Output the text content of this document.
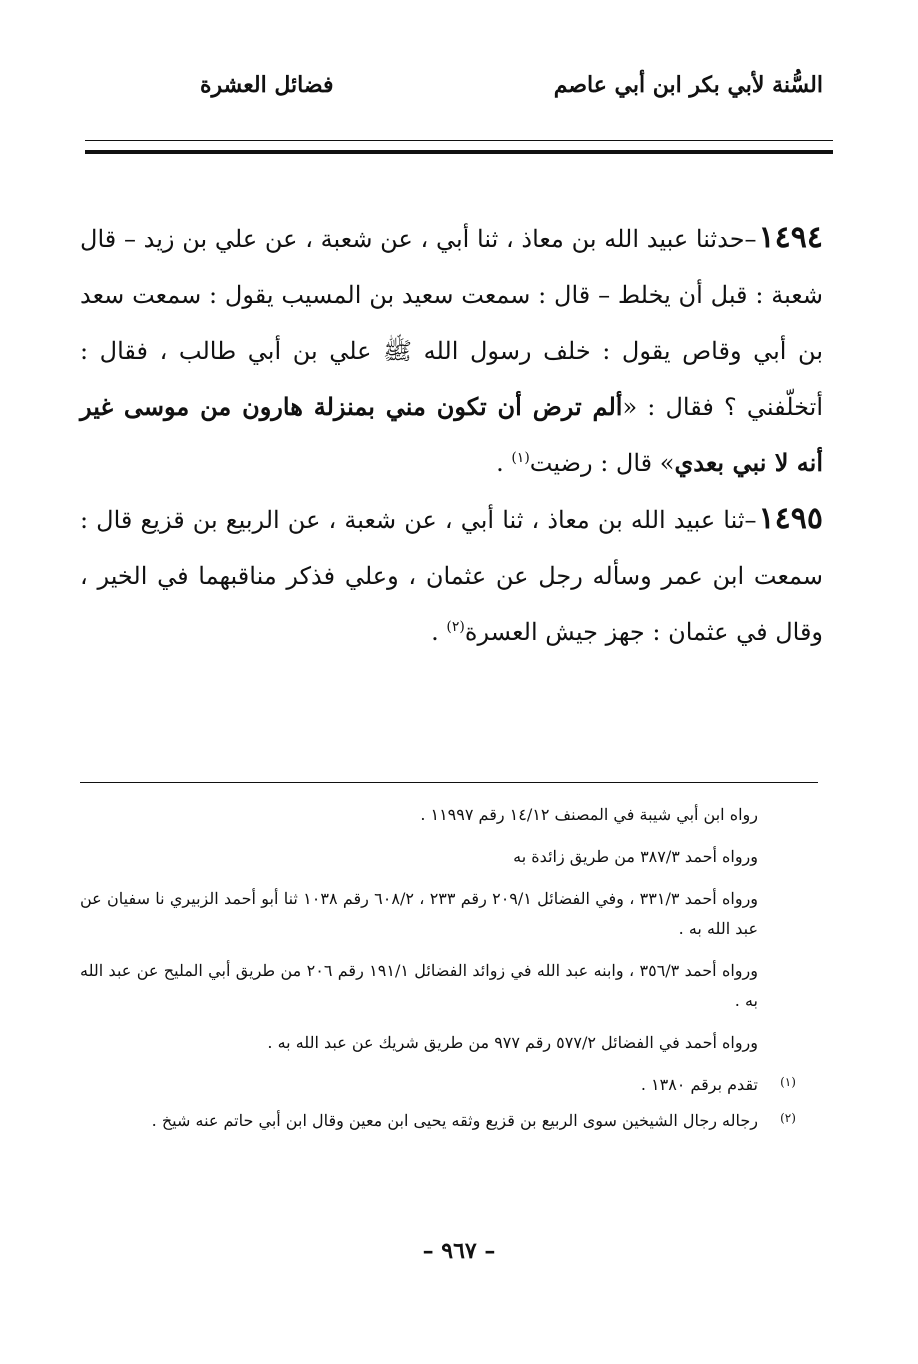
السُّنة لأبي بكر ابن أبي عاصم
فضائل العشرة

١٤٩٤–حدثنا عبيد الله بن معاذ ، ثنا أبي ، عن شعبة ، عن علي بن زيد – قال شعبة : قبل أن يخلط – قال : سمعت سعيد بن المسيب يقول : سمعت سعد بن أبي وقاص يقول : خلف رسول الله ﷺ علي بن أبي طالب ، فقال : أتخلّفني ؟ فقال : «ألم ترض أن تكون مني بمنزلة هارون من موسى غير أنه لا نبي بعدي» قال : رضيت$^{(١)}$ .

١٤٩٥–ثنا عبيد الله بن معاذ ، ثنا أبي ، عن شعبة ، عن الربيع بن قزيع قال : سمعت ابن عمر وسأله رجل عن عثمان ، وعلي فذكر مناقبهما في الخير ، وقال في عثمان : جهز جيش العسرة$^{(٢)}$ .

رواه ابن أبي شيبة في المصنف ١٤/١٢ رقم ١١٩٩٧ .

ورواه أحمد ٣٨٧/٣ من طريق زائدة به

ورواه أحمد ٣٣١/٣ ، وفي الفضائل ٢٠٩/١ رقم ٢٣٣ ، ٦٠٨/٢ رقم ١٠٣٨ ثنا أبو أحمد الزبيري نا سفيان عن عبد الله به .

ورواه أحمد ٣٥٦/٣ ، وابنه عبد الله في زوائد الفضائل ١٩١/١ رقم ٢٠٦ من طريق أبي المليح عن عبد الله به .

ورواه أحمد في الفضائل ٥٧٧/٢ رقم ٩٧٧ من طريق شريك عن عبد الله به .

(١)
تقدم برقم ١٣٨٠ .
(٢)
رجاله رجال الشيخين سوى الربيع بن قزيع وثقه يحيى ابن معين وقال ابن أبي حاتم عنه شيخ .
– ٩٦٧ –
